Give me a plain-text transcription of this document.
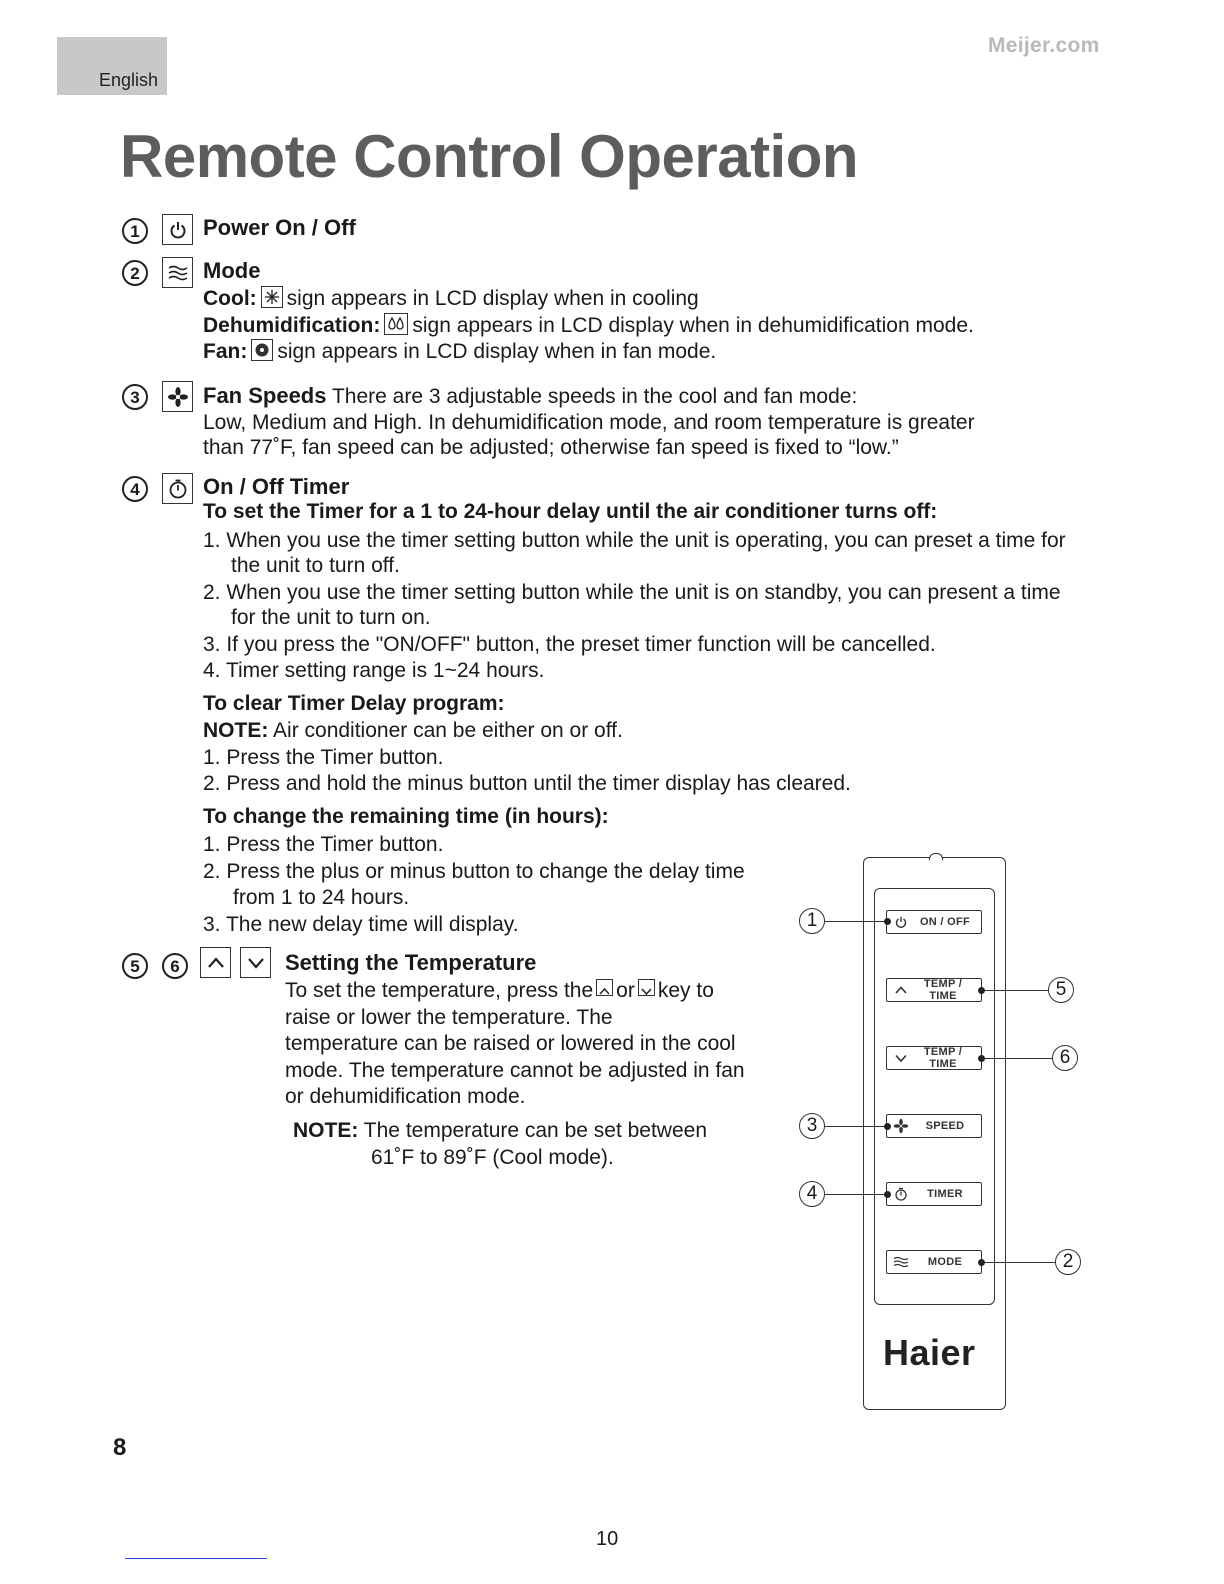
English
Meijer.com
Remote Control Operation
1	Power On / Off
2	Mode
Cool: sign appears in LCD display when in cooling
Dehumidification: sign appears in LCD display when in dehumidification mode.
Fan: sign appears in LCD display when in fan mode.
3	Fan Speeds There are 3 adjustable speeds in the cool and fan mode:
Low, Medium and High. In dehumidification mode, and room temperature is greater
than 77˚F, fan speed can be adjusted; otherwise fan speed is fixed to “low.”
4	On / Off Timer
To set the Timer for a 1 to 24-hour delay until the air conditioner turns off:
1. When you use the timer setting button while the unit is operating, you can preset a time for
the unit to turn off.
2. When you use the timer setting button while the unit is on standby, you can present a time
for the unit to turn on.
3. If you press the "ON/OFF" button, the preset timer function will be cancelled.
4. Timer setting range is 1~24 hours.
To clear Timer Delay program:
NOTE: Air conditioner can be either on or off.
1. Press the Timer button.
2. Press and hold the minus button until the timer display has cleared.
To change the remaining time (in hours):
1. Press the Timer button.
2. Press the plus or minus button to change the delay time
from 1 to 24 hours.
3. The new delay time will display.
5	6	Setting the Temperature
To set the temperature, press the or key to
raise or lower the temperature. The
temperature can be raised or lowered in the cool
mode. The temperature cannot be adjusted in fan
or dehumidification mode.
NOTE: The temperature can be set between
61˚F to 89˚F (Cool mode).
ON / OFF
TEMP / TIME
TEMP / TIME
SPEED
TIMER
MODE
Haier
1
3
4
5
6
2
8
10
